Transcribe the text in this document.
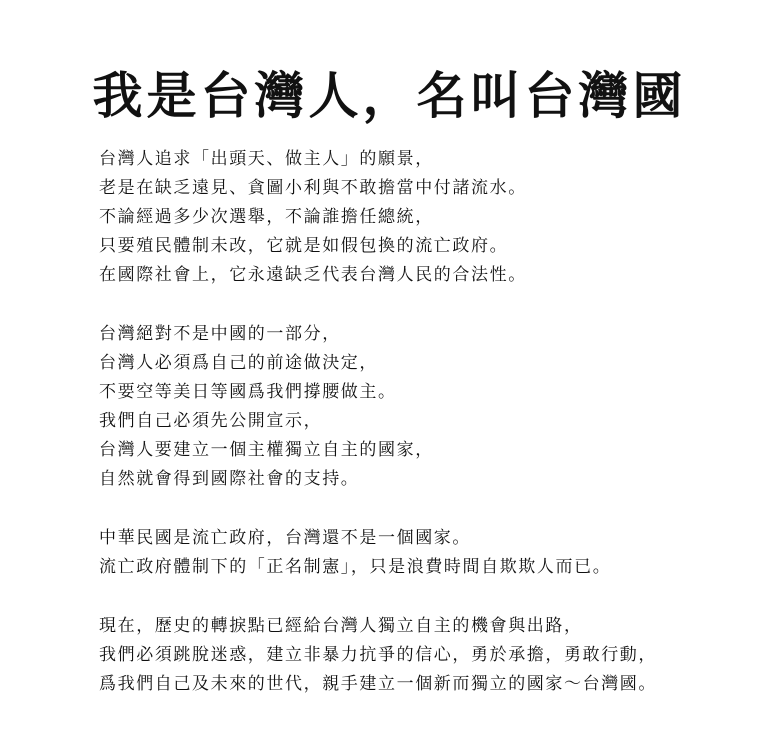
我是台灣人，名叫台灣國

台灣人追求「出頭天、做主人」的願景，
老是在缺乏遠見、貪圖小利與不敢擔當中付諸流水。
不論經過多少次選舉，不論誰擔任總統，
只要殖民體制未改，它就是如假包換的流亡政府。
在國際社會上，它永遠缺乏代表台灣人民的合法性。

台灣絕對不是中國的一部分，
台灣人必須爲自己的前途做決定，
不要空等美日等國爲我們撐腰做主。
我們自己必須先公開宣示，
台灣人要建立一個主權獨立自主的國家，
自然就會得到國際社會的支持。

中華民國是流亡政府，台灣還不是一個國家。
流亡政府體制下的「正名制憲」，只是浪費時間自欺欺人而已。

現在，歷史的轉捩點已經給台灣人獨立自主的機會與出路，
我們必須跳脫迷惑，建立非暴力抗爭的信心，勇於承擔，勇敢行動，
爲我們自己及未來的世代，親手建立一個新而獨立的國家～台灣國。
